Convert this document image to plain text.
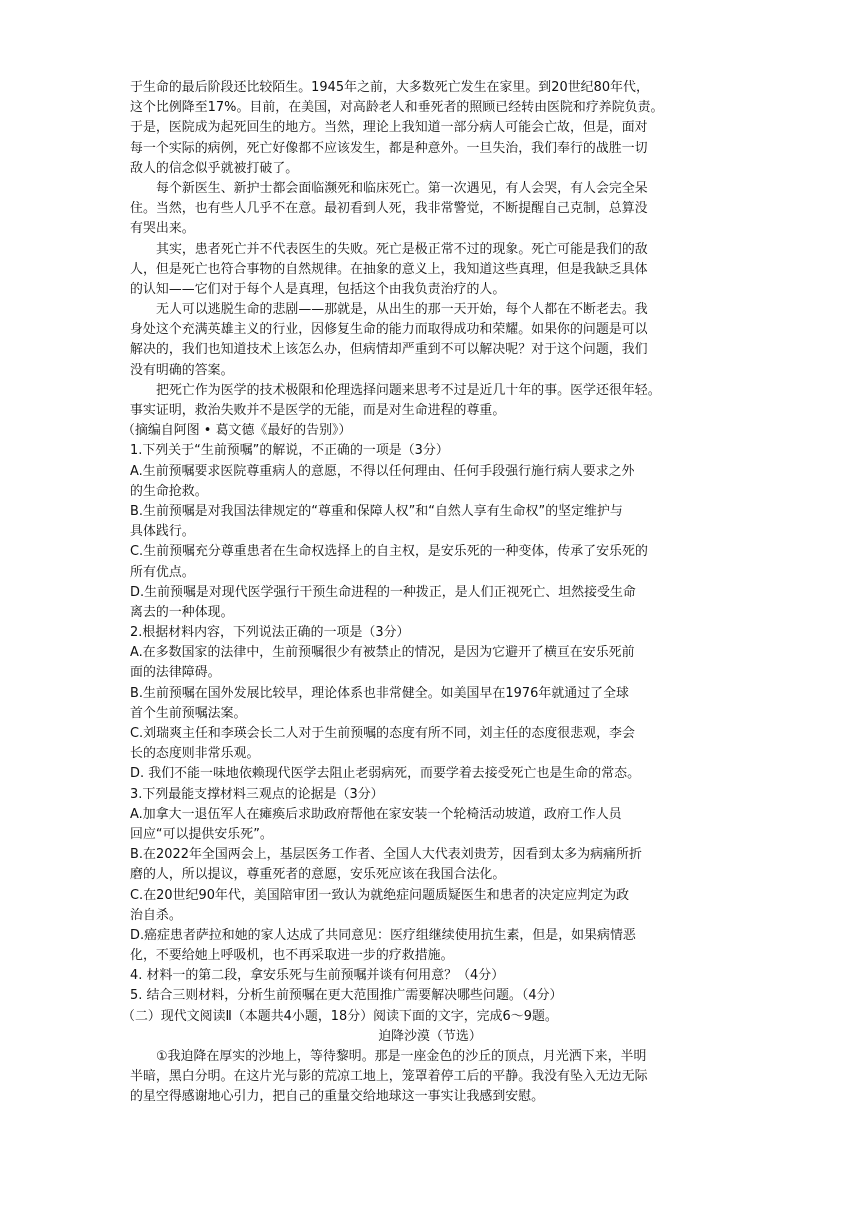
于生命的最后阶段还比较陌生。1945年之前，大多数死亡发生在家里。到20世纪80年代，
这个比例降至17%。目前，在美国，对高龄老人和垂死者的照顾已经转由医院和疗养院负责。
于是，医院成为起死回生的地方。当然，理论上我知道一部分病人可能会亡故，但是，面对
每一个实际的病例，死亡好像都不应该发生，都是种意外。一旦失治，我们奉行的战胜一切
敌人的信念似乎就被打破了。
每个新医生、新护士都会面临濒死和临床死亡。第一次遇见，有人会哭，有人会完全呆
住。当然，也有些人几乎不在意。最初看到人死，我非常警觉，不断提醒自己克制，总算没
有哭出来。
其实，患者死亡并不代表医生的失败。死亡是极正常不过的现象。死亡可能是我们的敌
人，但是死亡也符合事物的自然规律。在抽象的意义上，我知道这些真理，但是我缺乏具体
的认知——它们对于每个人是真理，包括这个由我负责治疗的人。
无人可以逃脱生命的悲剧——那就是，从出生的那一天开始，每个人都在不断老去。我
身处这个充满英雄主义的行业，因修复生命的能力而取得成功和荣耀。如果你的问题是可以
解决的，我们也知道技术上该怎么办，但病情却严重到不可以解决呢？对于这个问题，我们
没有明确的答案。
把死亡作为医学的技术极限和伦理选择问题来思考不过是近几十年的事。医学还很年轻。
事实证明，救治失败并不是医学的无能，而是对生命进程的尊重。
（摘编自阿图 • 葛文德《最好的告别》）
1.下列关于“生前预嘱”的解说，不正确的一项是（3分）
A.生前预嘱要求医院尊重病人的意愿，不得以任何理由、任何手段强行施行病人要求之外
的生命抢救。
B.生前预嘱是对我国法律规定的“尊重和保障人权”和“自然人享有生命权”的坚定维护与
具体践行。
C.生前预嘱充分尊重患者在生命权选择上的自主权，是安乐死的一种变体，传承了安乐死的
所有优点。
D.生前预嘱是对现代医学强行干预生命进程的一种拨正，是人们正视死亡、坦然接受生命
离去的一种体现。
2.根据材料内容，下列说法正确的一项是（3分）
A.在多数国家的法律中，生前预嘱很少有被禁止的情况，是因为它避开了横亘在安乐死前
面的法律障碍。
B.生前预嘱在国外发展比较早，理论体系也非常健全。如美国早在1976年就通过了全球
首个生前预嘱法案。
C.刘瑞爽主任和李瑛会长二人对于生前预嘱的态度有所不同，刘主任的态度很悲观，李会
长的态度则非常乐观。
D. 我们不能一味地依赖现代医学去阻止老弱病死，而要学着去接受死亡也是生命的常态。
3.下列最能支撑材料三观点的论据是（3分）
A.加拿大一退伍军人在瘫痪后求助政府帮他在家安装一个轮椅活动坡道，政府工作人员
回应“可以提供安乐死”。
B.在2022年全国两会上，基层医务工作者、全国人大代表刘贵芳，因看到太多为病痛所折
磨的人，所以提议，尊重死者的意愿，安乐死应该在我国合法化。
C.在20世纪90年代，美国陪审团一致认为就绝症问题质疑医生和患者的决定应判定为政
治自杀。
D.癌症患者萨拉和她的家人达成了共同意见：医疗组继续使用抗生素，但是，如果病情恶
化，不要给她上呼吸机，也不再采取进一步的疗救措施。
4. 材料一的第二段，拿安乐死与生前预嘱并谈有何用意？（4分）
5. 结合三则材料，分析生前预嘱在更大范围推广需要解决哪些问题。（4分）
（二）现代文阅读Ⅱ（本题共4小题，18分）阅读下面的文字，完成6～9题。
迫降沙漠（节选）
①我迫降在厚实的沙地上，等待黎明。那是一座金色的沙丘的顶点，月光洒下来，半明
半暗，黑白分明。在这片光与影的荒凉工地上，笼罩着停工后的平静。我没有坠入无边无际
的星空得感谢地心引力，把自己的重量交给地球这一事实让我感到安慰。
